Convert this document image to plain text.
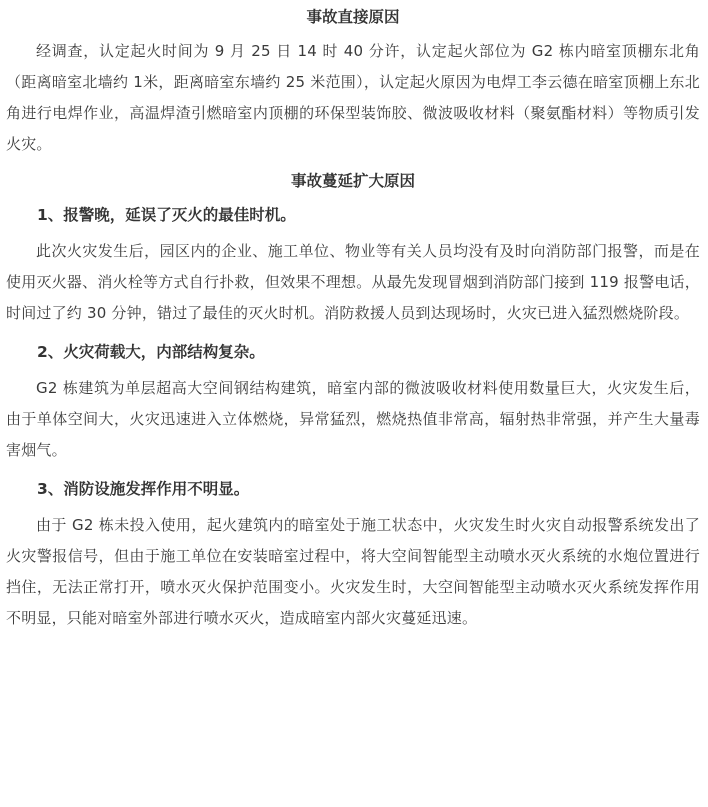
事故直接原因

经调查，认定起火时间为 9 月 25 日 14 时 40 分许，认定起火部位为 G2 栋内暗室顶棚东北角（距离暗室北墙约 1米，距离暗室东墙约 25 米范围），认定起火原因为电焊工李云德在暗室顶棚上东北角进行电焊作业，高温焊渣引燃暗室内顶棚的环保型装饰胶、微波吸收材料（聚氨酯材料）等物质引发火灾。

事故蔓延扩大原因
1、报警晚，延误了灭火的最佳时机。

此次火灾发生后，园区内的企业、施工单位、物业等有关人员均没有及时向消防部门报警，而是在使用灭火器、消火栓等方式自行扑救，但效果不理想。从最先发现冒烟到消防部门接到 119 报警电话，时间过了约 30 分钟，错过了最佳的灭火时机。消防救援人员到达现场时，火灾已进入猛烈燃烧阶段。

2、火灾荷载大，内部结构复杂。

G2 栋建筑为单层超高大空间钢结构建筑，暗室内部的微波吸收材料使用数量巨大，火灾发生后，由于单体空间大，火灾迅速进入立体燃烧，异常猛烈，燃烧热值非常高，辐射热非常强，并产生大量毒害烟气。

3、消防设施发挥作用不明显。

由于 G2 栋未投入使用，起火建筑内的暗室处于施工状态中，火灾发生时火灾自动报警系统发出了火灾警报信号，但由于施工单位在安装暗室过程中，将大空间智能型主动喷水灭火系统的水炮位置进行挡住，无法正常打开，喷水灭火保护范围变小。火灾发生时，大空间智能型主动喷水灭火系统发挥作用不明显，只能对暗室外部进行喷水灭火，造成暗室内部火灾蔓延迅速。
